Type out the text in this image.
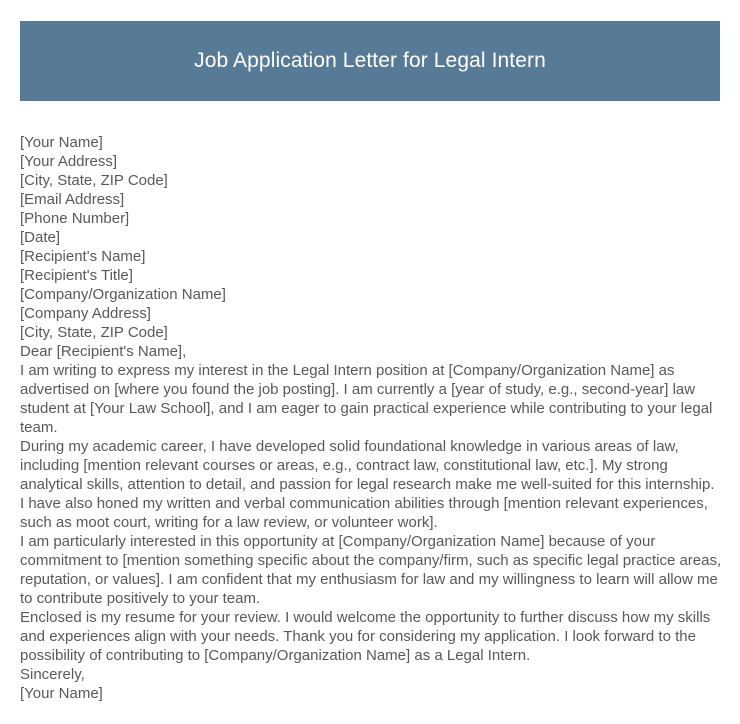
Job Application Letter for Legal Intern
[Your Name]
[Your Address]
[City, State, ZIP Code]
[Email Address]
[Phone Number]
[Date]
[Recipient's Name]
[Recipient's Title]
[Company/Organization Name]
[Company Address]
[City, State, ZIP Code]
Dear [Recipient's Name],

I am writing to express my interest in the Legal Intern position at [Company/Organization Name] as advertised on [where you found the job posting]. I am currently a [year of study, e.g., second-year] law student at [Your Law School], and I am eager to gain practical experience while contributing to your legal team.

During my academic career, I have developed solid foundational knowledge in various areas of law, including [mention relevant courses or areas, e.g., contract law, constitutional law, etc.]. My strong analytical skills, attention to detail, and passion for legal research make me well-suited for this internship. I have also honed my written and verbal communication abilities through [mention relevant experiences, such as moot court, writing for a law review, or volunteer work].

I am particularly interested in this opportunity at [Company/Organization Name] because of your commitment to [mention something specific about the company/firm, such as specific legal practice areas, reputation, or values]. I am confident that my enthusiasm for law and my willingness to learn will allow me to contribute positively to your team.

Enclosed is my resume for your review. I would welcome the opportunity to further discuss how my skills and experiences align with your needs. Thank you for considering my application. I look forward to the possibility of contributing to [Company/Organization Name] as a Legal Intern.

Sincerely,
[Your Name]
